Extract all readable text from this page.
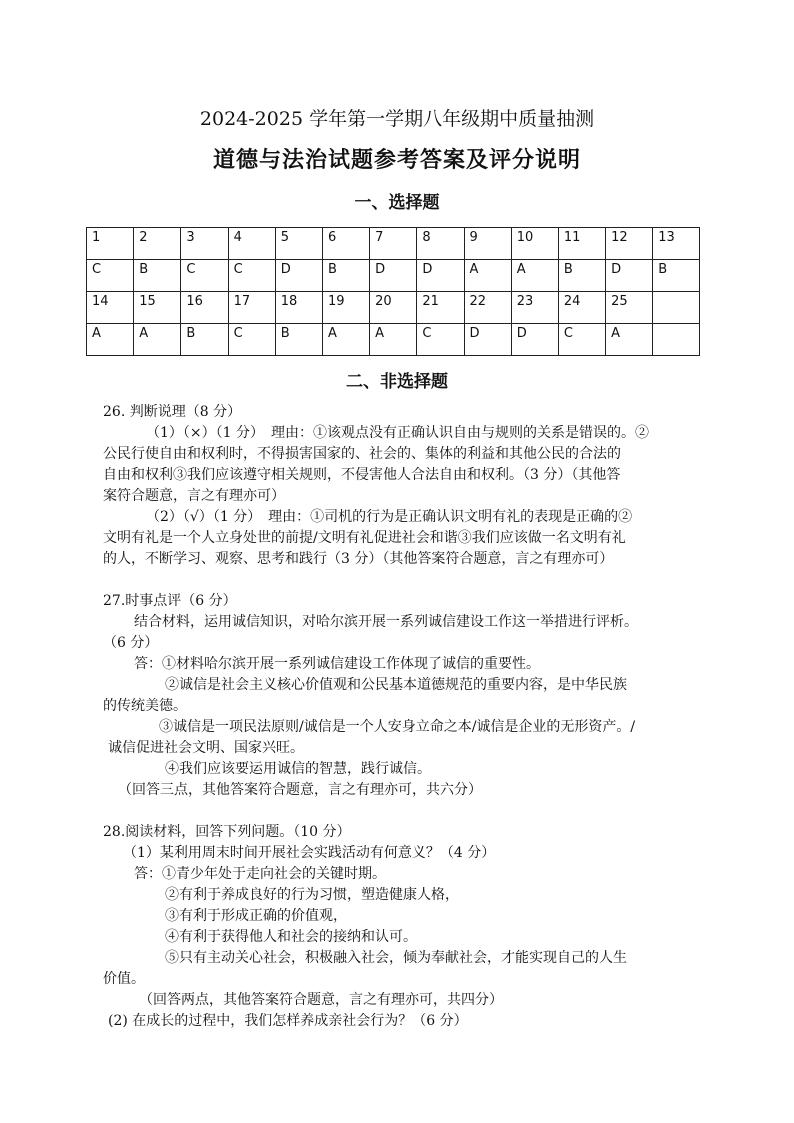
2024-2025 学年第一学期八年级期中质量抽测
道德与法治试题参考答案及评分说明
一、选择题
1	2	3	4	5	6	7	8	9	10	11	12	13
C	B	C	C	D	B	D	D	A	A	B	D	B
14	15	16	17	18	19	20	21	22	23	24	25	
A	A	B	C	B	A	A	C	D	D	C	A	
二、非选择题
26. 判断说理（8 分）
（1）（×）（1 分）　理由：①该观点没有正确认识自由与规则的关系是错误的。②
公民行使自由和权利时，不得损害国家的、社会的、集体的利益和其他公民的合法的
自由和权利③我们应该遵守相关规则，不侵害他人合法自由和权利。（3 分）（其他答
案符合题意，言之有理亦可）
（2）（√）（1 分）　理由：①司机的行为是正确认识文明有礼的表现是正确的②
文明有礼是一个人立身处世的前提/文明有礼促进社会和谐③我们应该做一名文明有礼
的人，不断学习、观察、思考和践行（3 分）（其他答案符合题意，言之有理亦可）
27.时事点评（6 分）
结合材料，运用诚信知识，对哈尔滨开展一系列诚信建设工作这一举措进行评析。
（6 分）
答：①材料哈尔滨开展一系列诚信建设工作体现了诚信的重要性。
②诚信是社会主义核心价值观和公民基本道德规范的重要内容，是中华民族
的传统美德。
③诚信是一项民法原则/诚信是一个人安身立命之本/诚信是企业的无形资产。/
诚信促进社会文明、国家兴旺。
④我们应该要运用诚信的智慧，践行诚信。
（回答三点，其他答案符合题意，言之有理亦可，共六分）
28.阅读材料，回答下列问题。（10 分）
（1）某利用周末时间开展社会实践活动有何意义？（4 分）
答：①青少年处于走向社会的关键时期。
②有利于养成良好的行为习惯，塑造健康人格，
③有利于形成正确的价值观，
④有利于获得他人和社会的接纳和认可。
⑤只有主动关心社会，积极融入社会，倾为奉献社会，才能实现自己的人生
价值。
（回答两点，其他答案符合题意，言之有理亦可，共四分）
(2) 在成长的过程中，我们怎样养成亲社会行为？（6 分）
